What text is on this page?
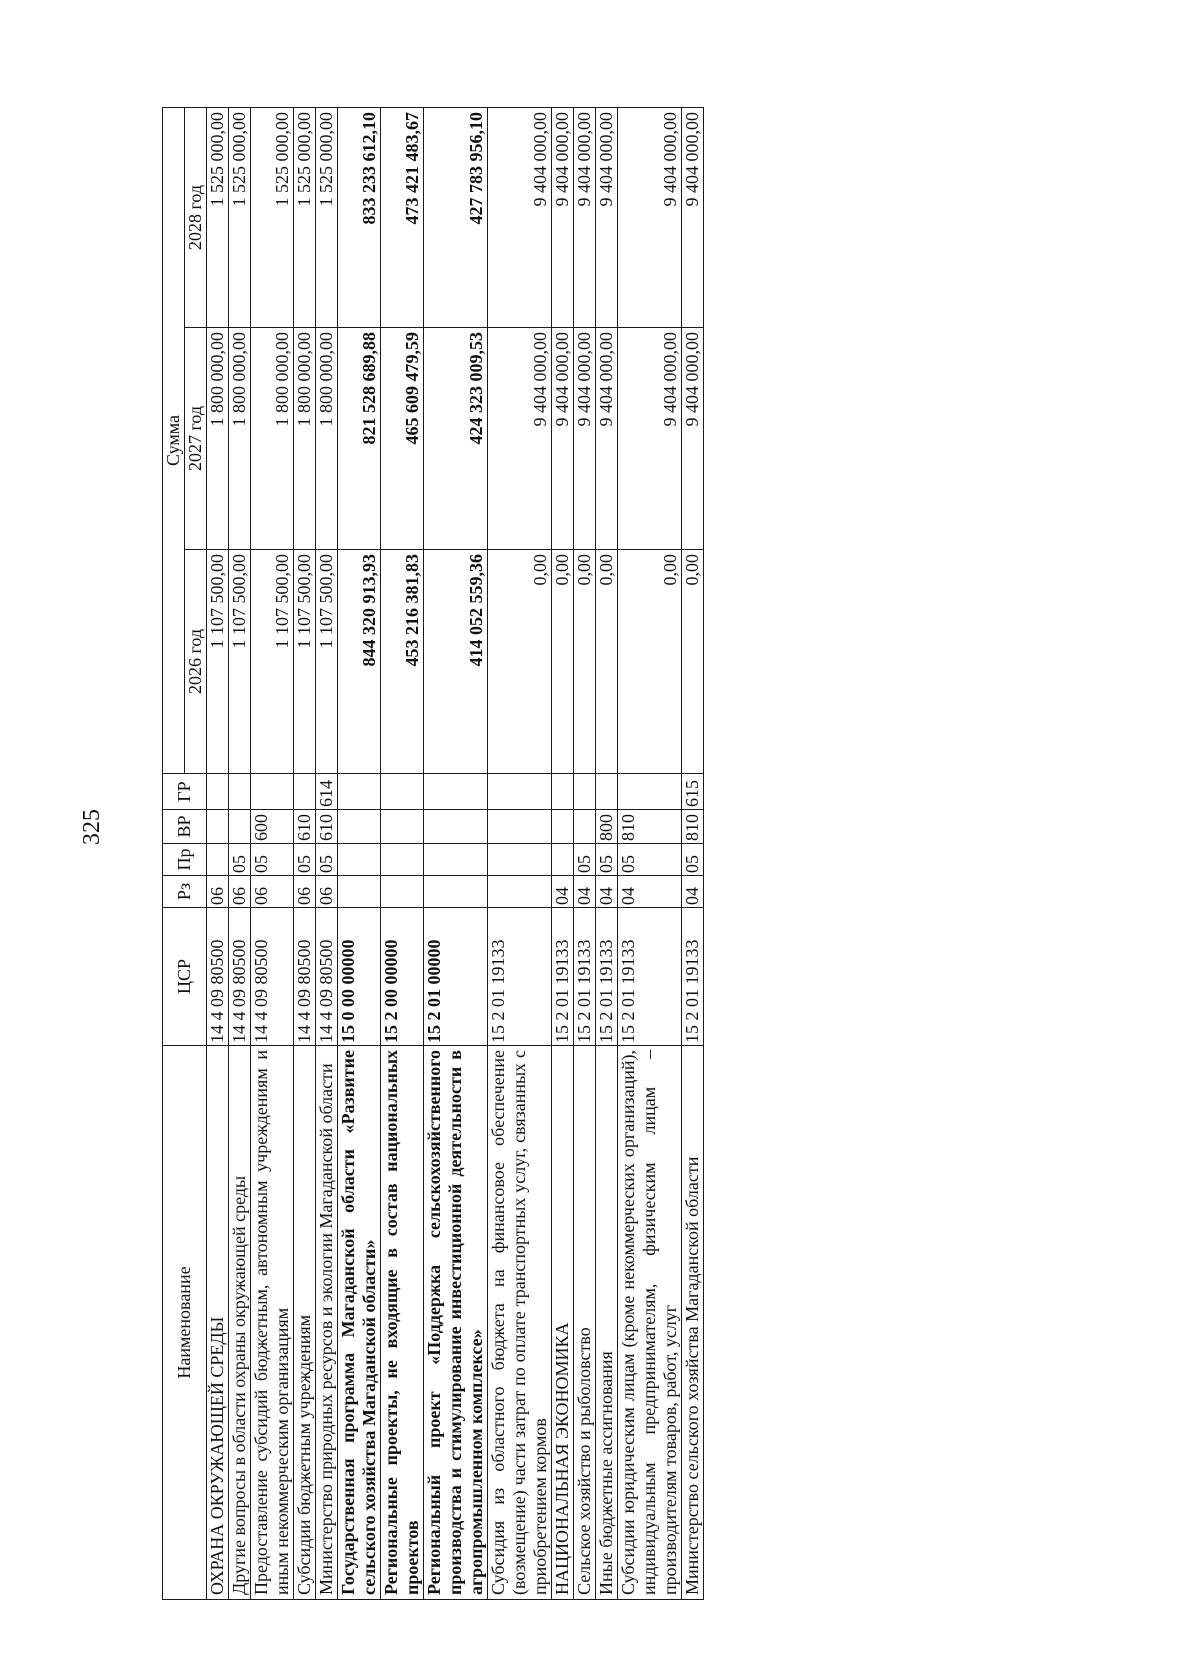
325
Наименование	ЦСР	Рз	Пр	ВР	ГР	Сумма		
						2026 год	2027 год	2028 год
ОХРАНА ОКРУЖАЮЩЕЙ СРЕДЫ	14 4 09 80500	06				1 107 500,00	1 800 000,00	1 525 000,00
Другие вопросы в области охраны окружающей среды	14 4 09 80500	06	05			1 107 500,00	1 800 000,00	1 525 000,00
Предоставление субсидий бюджетным, автономным учреждениям и иным некоммерческим организациям	14 4 09 80500	06	05	600		1 107 500,00	1 800 000,00	1 525 000,00
Субсидии бюджетным учреждениям	14 4 09 80500	06	05	610		1 107 500,00	1 800 000,00	1 525 000,00
Министерство природных ресурсов и экологии Магаданской области	14 4 09 80500	06	05	610	614	1 107 500,00	1 800 000,00	1 525 000,00
Государственная программа Магаданской области «Развитие сельского хозяйства Магаданской области»	15 0 00 00000					844 320 913,93	821 528 689,88	833 233 612,10
Региональные проекты, не входящие в состав национальных проектов	15 2 00 00000					453 216 381,83	465 609 479,59	473 421 483,67
Региональный проект «Поддержка сельскохозяйственного производства и стимулирование инвестиционной деятельности в агропромышленном комплексе»	15 2 01 00000					414 052 559,36	424 323 009,53	427 783 956,10
Субсидия из областного бюджета на финансовое обеспечение (возмещение) части затрат по оплате транспортных услуг, связанных с приобретением кормов	15 2 01 19133					0,00	9 404 000,00	9 404 000,00
НАЦИОНАЛЬНАЯ ЭКОНОМИКА	15 2 01 19133	04				0,00	9 404 000,00	9 404 000,00
Сельское хозяйство и рыболовство	15 2 01 19133	04	05			0,00	9 404 000,00	9 404 000,00
Иные бюджетные ассигнования	15 2 01 19133	04	05	800		0,00	9 404 000,00	9 404 000,00
Субсидии юридическим лицам (кроме некоммерческих организаций), индивидуальным предпринимателям, физическим лицам – производителям товаров, работ, услуг	15 2 01 19133	04	05	810		0,00	9 404 000,00	9 404 000,00
Министерство сельского хозяйства Магаданской области	15 2 01 19133	04	05	810	615	0,00	9 404 000,00	9 404 000,00
